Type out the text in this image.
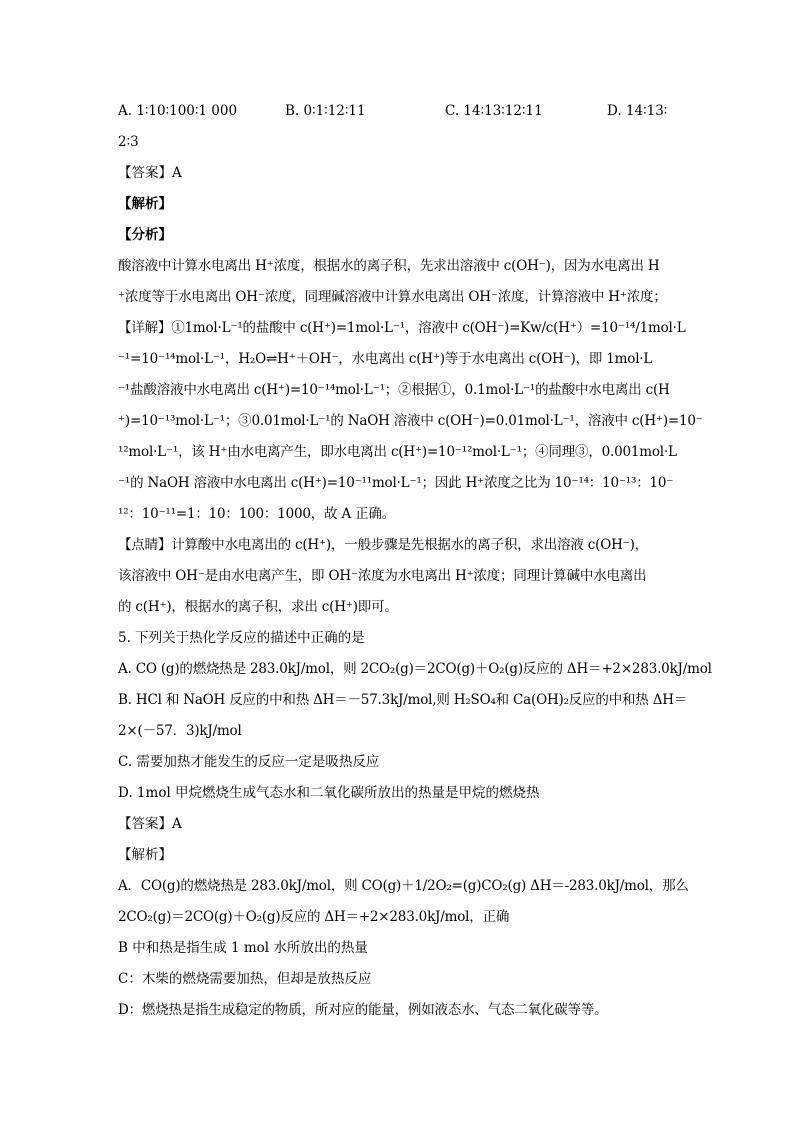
A. 1∶10∶100∶1 000	B. 0∶1∶12∶11	C. 14∶13∶12∶11	D. 14∶13∶
2∶3
【答案】A
【解析】
【分析】
酸溶液中计算水电离出 H⁺浓度，根据水的离子积，先求出溶液中 c(OH⁻)，因为水电离出 H
⁺浓度等于水电离出 OH⁻浓度，同理碱溶液中计算水电离出 OH⁻浓度，计算溶液中 H⁺浓度；
【详解】①1mol·L⁻¹的盐酸中 c(H⁺)=1mol·L⁻¹，溶液中 c(OH⁻)=Kw/c(H⁺）=10⁻¹⁴/1mol·L
⁻¹=10⁻¹⁴mol·L⁻¹，H₂O⇌H⁺＋OH⁻，水电离出 c(H⁺)等于水电离出 c(OH⁻)，即 1mol·L
⁻¹盐酸溶液中水电离出 c(H⁺)=10⁻¹⁴mol·L⁻¹；②根据①，0.1mol·L⁻¹的盐酸中水电离出 c(H
⁺)=10⁻¹³mol·L⁻¹；③0.01mol·L⁻¹的 NaOH 溶液中 c(OH⁻)=0.01mol·L⁻¹，溶液中 c(H⁺)=10⁻
¹²mol·L⁻¹，该 H⁺由水电离产生，即水电离出 c(H⁺)=10⁻¹²mol·L⁻¹；④同理③，0.001mol·L
⁻¹的 NaOH 溶液中水电离出 c(H⁺)=10⁻¹¹mol·L⁻¹；因此 H⁺浓度之比为 10⁻¹⁴：10⁻¹³：10⁻
¹²：10⁻¹¹=1：10：100：1000，故 A 正确。
【点睛】计算酸中水电离出的 c(H⁺)，一般步骤是先根据水的离子积，求出溶液 c(OH⁻)，
该溶液中 OH⁻是由水电离产生，即 OH⁻浓度为水电离出 H⁺浓度；同理计算碱中水电离出
的 c(H⁺)，根据水的离子积，求出 c(H⁺)即可。
5. 下列关于热化学反应的描述中正确的是
A. CO (g)的燃烧热是 283.0kJ/mol，则 2CO₂(g)＝2CO(g)＋O₂(g)反应的 ΔH＝+2×283.0kJ/mol
B. HCl 和 NaOH 反应的中和热 ΔH＝－57.3kJ/mol,则 H₂SO₄和 Ca(OH)₂反应的中和热 ΔH＝
2×(－57．3)kJ/mol
C. 需要加热才能发生的反应一定是吸热反应
D. 1mol 甲烷燃烧生成气态水和二氧化碳所放出的热量是甲烷的燃烧热
【答案】A
【解析】
A．CO(g)的燃烧热是 283.0kJ/mol，则 CO(g)＋1/2O₂=(g)CO₂(g) ΔH＝-283.0kJ/mol，那么
2CO₂(g)＝2CO(g)＋O₂(g)反应的 ΔH＝+2×283.0kJ/mol，正确
B 中和热是指生成 1 mol 水所放出的热量
C：木柴的燃烧需要加热，但却是放热反应
D：燃烧热是指生成稳定的物质，所对应的能量，例如液态水、气态二氧化碳等等。
